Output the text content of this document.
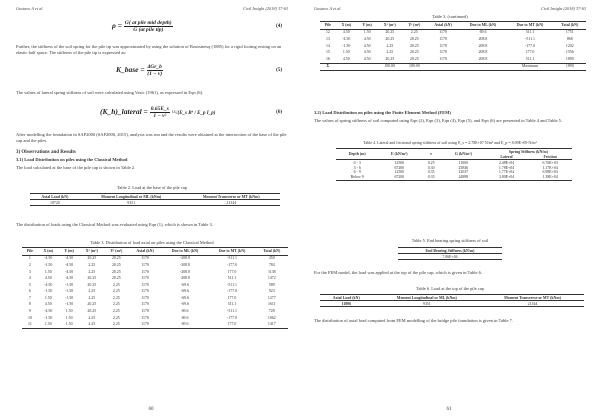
Gustavo A et al.	Civil Insight (2018) 37-63
$\rho = \frac{\text{G( at pile mid depth)}}{\text{G (at pile tip)}}$	(4)
Further, the stiffness of the soil spring for the pile tip was approximated by using the solution of Boussinesq (1885) for a rigid footing resting on an elastic half space. The stiffness of the pile tip is expressed as:
K_base = $\frac{4Gr\_b}{(1 - \nu)}$	(5)
The values of lateral spring stiffness of soil were calculated using Vesic (1961), as expressed in Eqn (6).
(K_h)_lateral = $\frac{0.65E\_s}{\text{1 − ν²}}$ ¹²√(E_s B⁴ / E_p I_p)	(6)
After modelling the foundation in SAP2000 (SAP2000, 2015), analysis was run and the results were obtained at the intersection of the base of the pile cap and the piles.
3) Observations and Results
3.1) Load Distribution on piles using the Classical Method
The load calculated at the base of the pile cap is shown in Table 2.
Table 2. Load at the base of the pile cap
Axial Load (kN)	Moment Longitudinal or ML (kNm)	Moment Transverse or MT (kNm)
18720	9351	21344
The distribution of loads using the Classical Method was evaluated using Eqn (1), which is shown in Table 3.
Table 3. Distribution of load axial on piles using the Classical Method
Pile	X (m)	Y (m)	X² (m²)	Y² (m²)	Axial (kN)	Due to ML (kN)	Due to MT (kN)	Total (kN)
1	-4.50	-4.50	20.25	20.25	1170	-208.8	-511.1	450
2	-1.50	-4.50	2.25	20.25	1170	-208.8	-177.0	784
3	1.50	-4.50	2.25	20.25	1170	-208.8	177.0	1138
4	4.50	-4.50	20.25	20.25	1170	-208.8	511.1	1472
5	-4.50	-1.50	20.25	2.25	1170	-69.6	-511.1	589
6	-1.50	-1.50	2.25	2.25	1170	-69.6	-177.0	923
7	1.50	-1.50	2.25	2.25	1170	-69.6	177.0	1277
8	4.50	-1.50	20.25	2.25	1170	-69.6	511.1	1611
9	-4.50	1.50	20.25	2.25	1170	69.6	-511.1	728
10	-1.50	1.50	2.25	2.25	1170	69.6	-177.0	1062
11	1.50	1.50	2.25	2.25	1170	69.6	177.0	1417
60
Gustavo A et al.	Civil Insight (2018) 37-63
Table 3. (continued)
Pile	X (m)	Y (m)	X² (m²)	Y² (m²)	Axial (kN)	Due to ML (kN)	Due to MT (kN)	Total (kN)
12	4.50	1.50	20.25	2.25	1170	69.6	511.1	1751
13	-4.50	4.50	20.25	20.25	1170	208.8	-511.1	868
14	-1.50	4.50	2.25	20.25	1170	208.8	-177.0	1202
15	1.50	4.50	2.25	20.25	1170	208.8	177.0	1556
16	4.50	4.50	20.25	20.25	1170	208.8	511.1	1890
Σ			180.00	180.00			Maximum	1890
3.2) Load Distribution on piles using the Finite Element Method (FEM)
The values of spring stiffness of soil computed using Eqn (2), Eqn (3), Eqn (4), Eqn (5), and Eqn (6) are presented in Table 4 and Table 5.
Table 4. Lateral and frictional spring stiffness of soil using E_s = 2.78E+07 N/m² and E_p = 8.09E+09 N/m²
Depth (m)	E (kN/m²)	ν	G (kN/m²)	Spring Stiffness (kN/m)	
				Lateral	Friction
0 - 3	12500	0.25	11000	2.48E+04	6.76E+03
3 - 6	67200	0.30	25846	1.78E+04	1.17E+04
6 - 9	12500	0.35	12037	1.77E+04	6.98E+03
Below 9	67200	0.35	24889	3.80E+04	1.38E+04
Table 5. End bearing spring stiffness of soil
End Bearing Stiffness (kN/m)
7.86E+04
For the FEM model, the load was applied at the top of the pile cap, which is given in Table 6.
Table 6. Load at the top of the pile cap
Axial Load (kN)	Moment Longitudinal or ML (kNm)	Moment Transverse or MT (kNm)
11806	9351	21344
The distribution of axial load computed from FEM modelling of the bridge pile foundation is given in Table 7.
61
